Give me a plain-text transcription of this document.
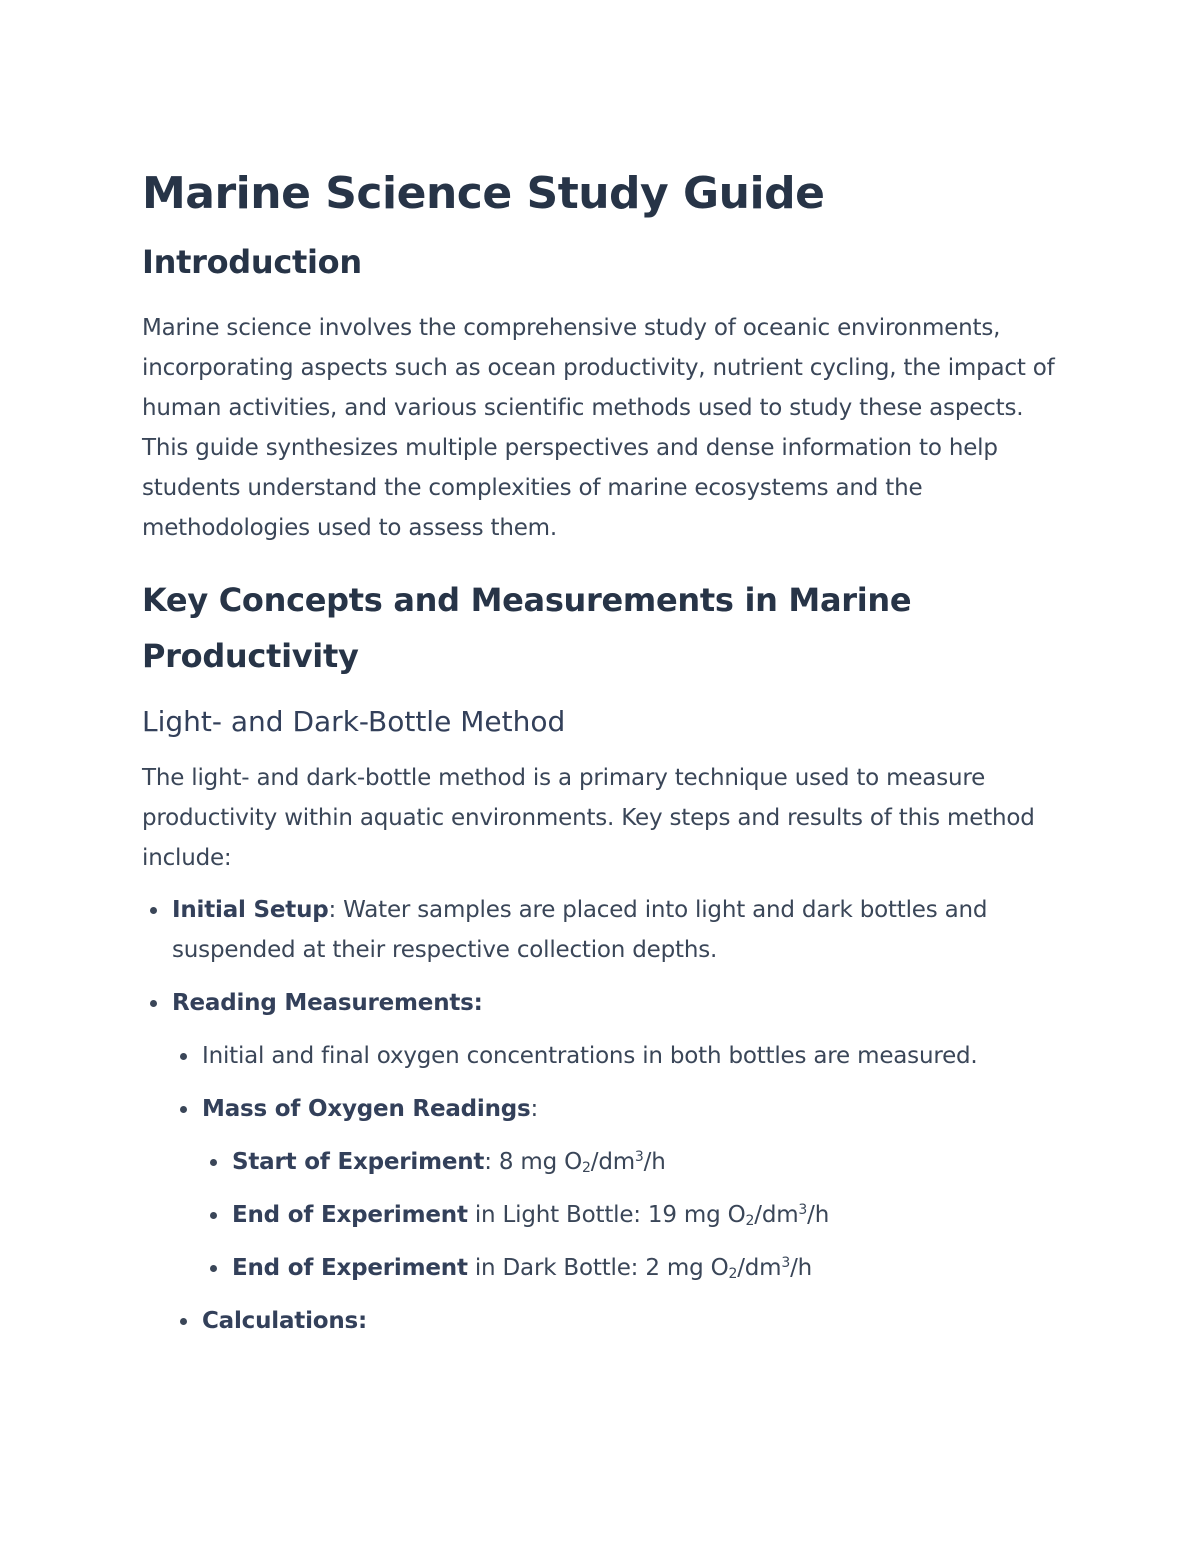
Marine Science Study Guide
Introduction

Marine science involves the comprehensive study of oceanic environments, incorporating aspects such as ocean productivity, nutrient cycling, the impact of human activities, and various scientific methods used to study these aspects. This guide synthesizes multiple perspectives and dense information to help students understand the complexities of marine ecosystems and the methodologies used to assess them.

Key Concepts and Measurements in Marine Productivity
Light- and Dark-Bottle Method

The light- and dark-bottle method is a primary technique used to measure productivity within aquatic environments. Key steps and results of this method include:

Initial Setup: Water samples are placed into light and dark bottles and suspended at their respective collection depths.
Reading Measurements:
Initial and final oxygen concentrations in both bottles are measured.
Mass of Oxygen Readings:
Start of Experiment: 8 mg $O_2/dm^3/h$
End of Experiment in Light Bottle: 19 mg $O_2/dm^3/h$
End of Experiment in Dark Bottle: 2 mg $O_2/dm^3/h$
Calculations:
